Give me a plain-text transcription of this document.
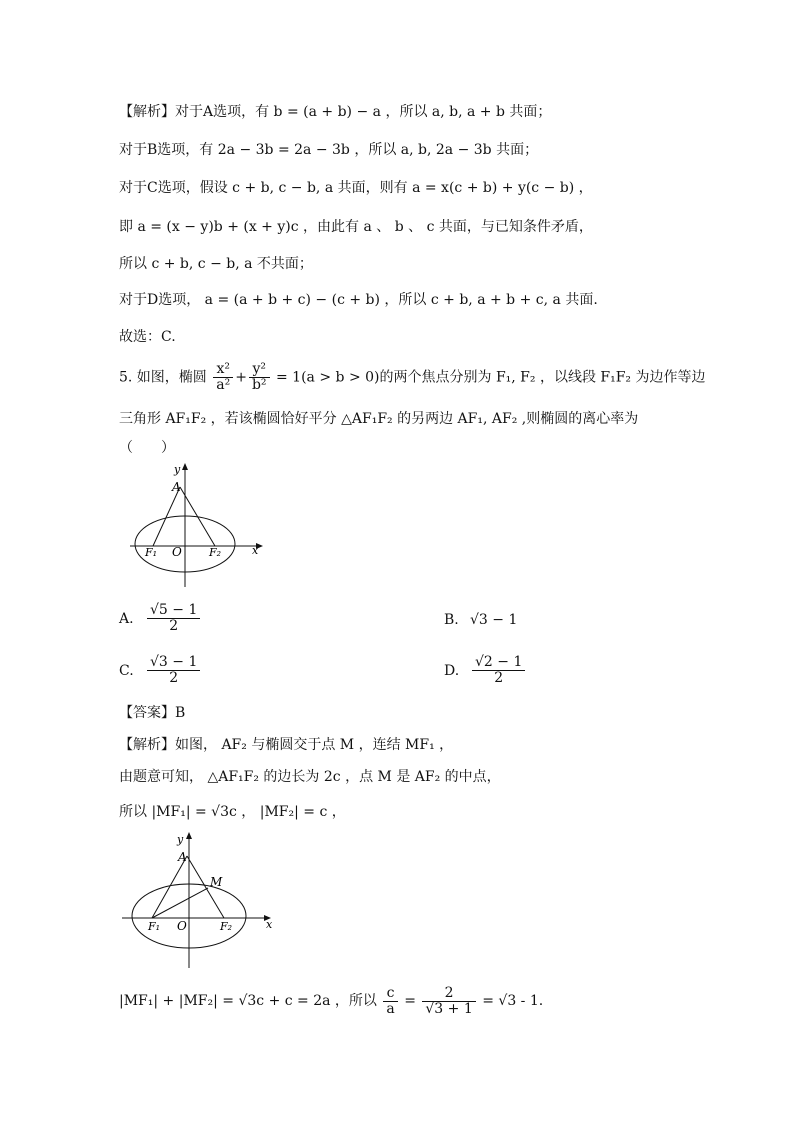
【解析】对于A选项，有 b = (a + b) − a ，所以 a, b, a + b 共面；
对于B选项，有 2a − 3b = 2a − 3b ，所以 a, b, 2a − 3b 共面；
对于C选项，假设 c + b, c − b, a 共面，则有 a = x(c + b) + y(c − b) ，
即 a = (x − y)b + (x + y)c ，由此有 a 、 b 、 c 共面，与已知条件矛盾，
所以 c + b, c − b, a 不共面；
对于D选项， a = (a + b + c) − (c + b) ，所以 c + b, a + b + c, a 共面.
故选：C.
5. 如图，椭圆 $\frac{\text{x²}}{\text{a²}} + \frac{\text{y²}}{\text{b²}} = 1(a > b > 0)$的两个焦点分别为 F₁, F₂ ，以线段 F₁F₂ 为边作等边
三角形 AF₁F₂ ，若该椭圆恰好平分 △AF₁F₂ 的另两边 AF₁, AF₂ ,则椭圆的离心率为
（　　）
y
A
F₁ O F₂	x
A. $\frac{√5 - 1}{2}$	B. √3 − 1
C. $\frac{√3 - 1}{2}$	D. $\frac{√2 - 1}{2}$
【答案】B
【解析】如图， AF₂ 与椭圆交于点 M ，连结 MF₁ ，
由题意可知， △AF₁F₂ 的边长为 2c ，点 M 是 AF₂ 的中点，
所以 |MF₁| = √3c ， |MF₂| = c ，
y
A
M
F₁ O	F₂	x
|MF₁| + |MF₂| = √3c + c = 2a ，所以 $\frac{c}{a} = \frac{2}{√3 + 1} = √3 - 1$.
